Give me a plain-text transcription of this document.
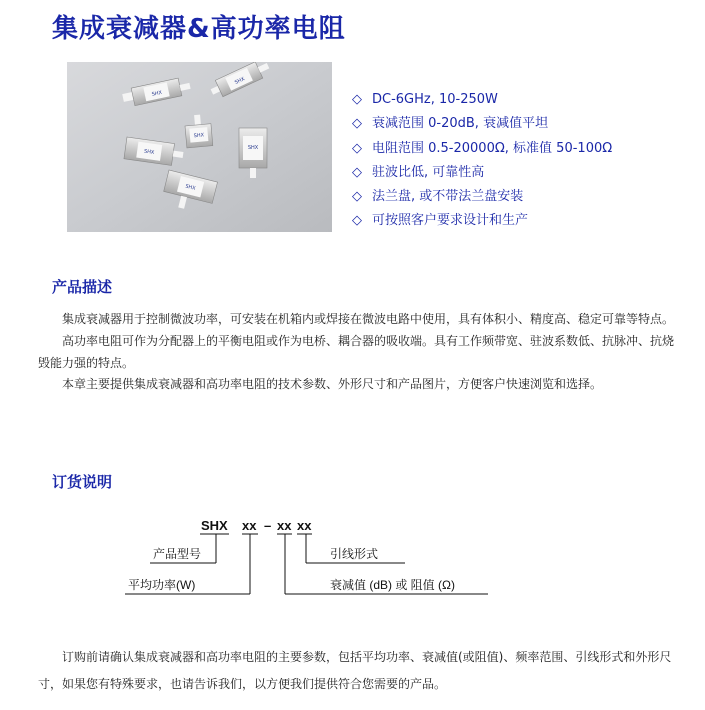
集成衰减器&高功率电阻
SHX
SHX
SHX
SHX
SHX
SHX
◇ DC-6GHz, 10-250W
◇ 衰减范围 0-20dB, 衰减值平坦
◇ 电阻范围 0.5-20000Ω, 标准值 50-100Ω
◇ 驻波比低, 可靠性高
◇ 法兰盘, 或不带法兰盘安装
◇ 可按照客户要求设计和生产
产品描述

集成衰减器用于控制微波功率，可安装在机箱内或焊接在微波电路中使用，具有体积小、精度高、稳定可靠等特点。

高功率电阻可作为分配器上的平衡电阻或作为电桥、耦合器的吸收端。具有工作频带宽、驻波系数低、抗脉冲、抗烧毁能力强的特点。

本章主要提供集成衰减器和高功率电阻的技术参数、外形尺寸和产品图片，方便客户快速浏览和选择。

订货说明
SHX xx – xx xx
产品型号
平均功率(W)
引线形式
衰减值 (dB) 或 阻值 (Ω)

订购前请确认集成衰减器和高功率电阻的主要参数，包括平均功率、衰减值(或阻值)、频率范围、引线形式和外形尺寸，如果您有特殊要求，也请告诉我们，以方便我们提供符合您需要的产品。
